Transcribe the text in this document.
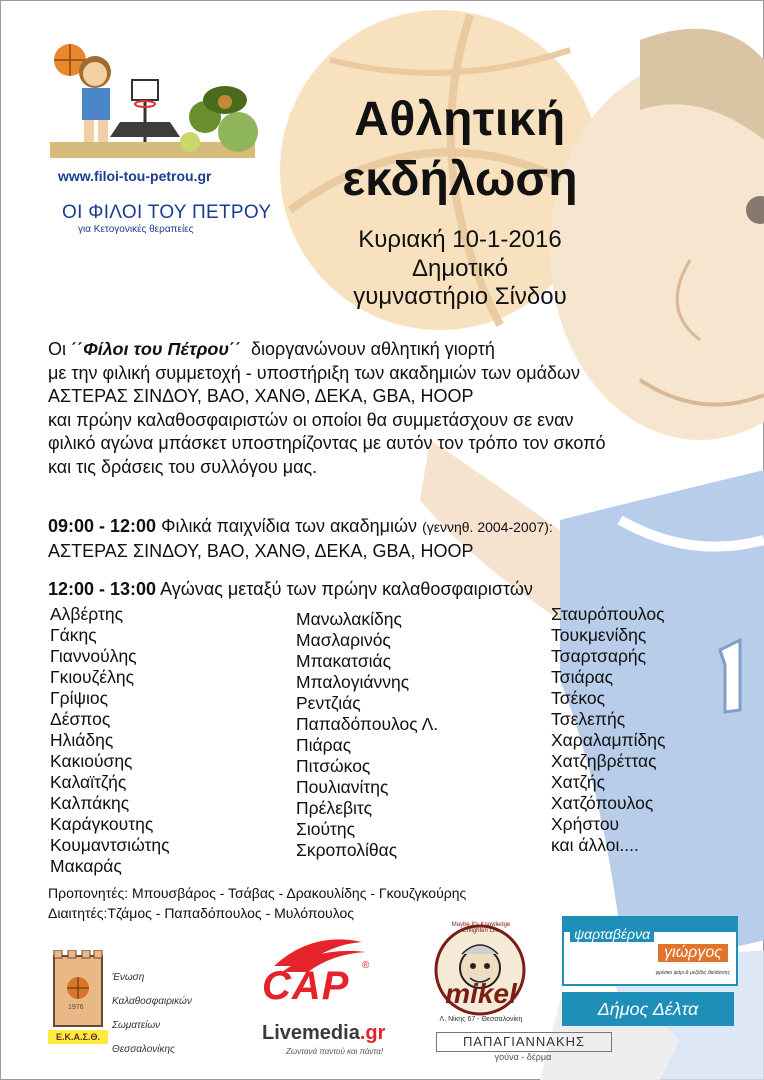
www.filoi-tou-petrou.gr
ΟΙ ΦΙΛΟΙ ΤΟΥ ΠΕΤΡΟΥ
για Κετογονικές θεραπείες
Αθλητική
εκδήλωση
Κυριακή 10-1-2016
Δημοτικό
γυμναστήριο Σίνδου
Οι ΄΄Φίλοι του Πέτρου΄΄ διοργανώνουν αθλητική γιορτή
με την φιλική συμμετοχή - υποστήριξη των ακαδημιών των ομάδων
ΑΣΤΕΡΑΣ ΣΙΝΔΟΥ, ΒΑΟ, ΧΑΝΘ, ΔΕΚΑ, GBA, HOOP
και πρώην καλαθοσφαιριστών οι οποίοι θα συμμετάσχουν σε εναν
φιλικό αγώνα μπάσκετ υποστηρίζοντας με αυτόν τον τρόπο τον σκοπό
και τις δράσεις του συλλόγου μας.
09:00 - 12:00 Φιλικά παιχνίδια των ακαδημιών (γεννηθ. 2004-2007):
ΑΣΤΕΡΑΣ ΣΙΝΔΟΥ, ΒΑΟ, ΧΑΝΘ, ΔΕΚΑ, GBA, HOOP
12:00 - 13:00 Αγώνας μεταξύ των πρώην καλαθοσφαιριστών
Αλβέρτης
Γάκης
Γιαννούλης
Γκιουζέλης
Γρίψιος
Δέσπος
Ηλιάδης
Κακιούσης
Καλαϊτζής
Καλπάκης
Καράγκουτης
Κουμαντσιώτης
Μακαράς
Μανωλακίδης
Μασλαρινός
Μπακατσιάς
Μπαλογιάννης
Ρεντζιάς
Παπαδόπουλος Λ.
Πιάρας
Πιτσώκος
Πουλιανίτης
Πρέλεβιτς
Σιούτης
Σκροπολίθας
Σταυρόπουλος
Τουκμενίδης
Τσαρτσαρής
Τσιάρας
Τσέκος
Τσελεπής
Χαραλαμπίδης
Χατζηβρέττας
Χατζής
Χατζόπουλος
Χρήστου
και άλλοι....
Προπονητές: Μπουσβάρος - Τσάβας - Δρακουλίδης - Γκουζγκούρης
Διαιτητές:Τζάμος - Παπαδόπουλος - Μυλόπουλος
1976
Ε.Κ.Α.Σ.Θ.
Ένωση
Καλαθοσφαιρικών
Σωματείων
Θεσσαλονίκης
CAP ®
Livemedia.gr
Ζωντανά παντού και πάντα!
Maybe It's Knowledge Enlighten Life
mikel
Λ. Νίκης 67 - Θεσσαλονίκη
ψαρταβέρνα
γιώργος
φρέσκο ψάρι & μεζέδες θαλάσσης
Δήμος Δέλτα
ΠΑΠΑΓΙΑΝΝΑΚΗΣ
γούνα - δέρμα
